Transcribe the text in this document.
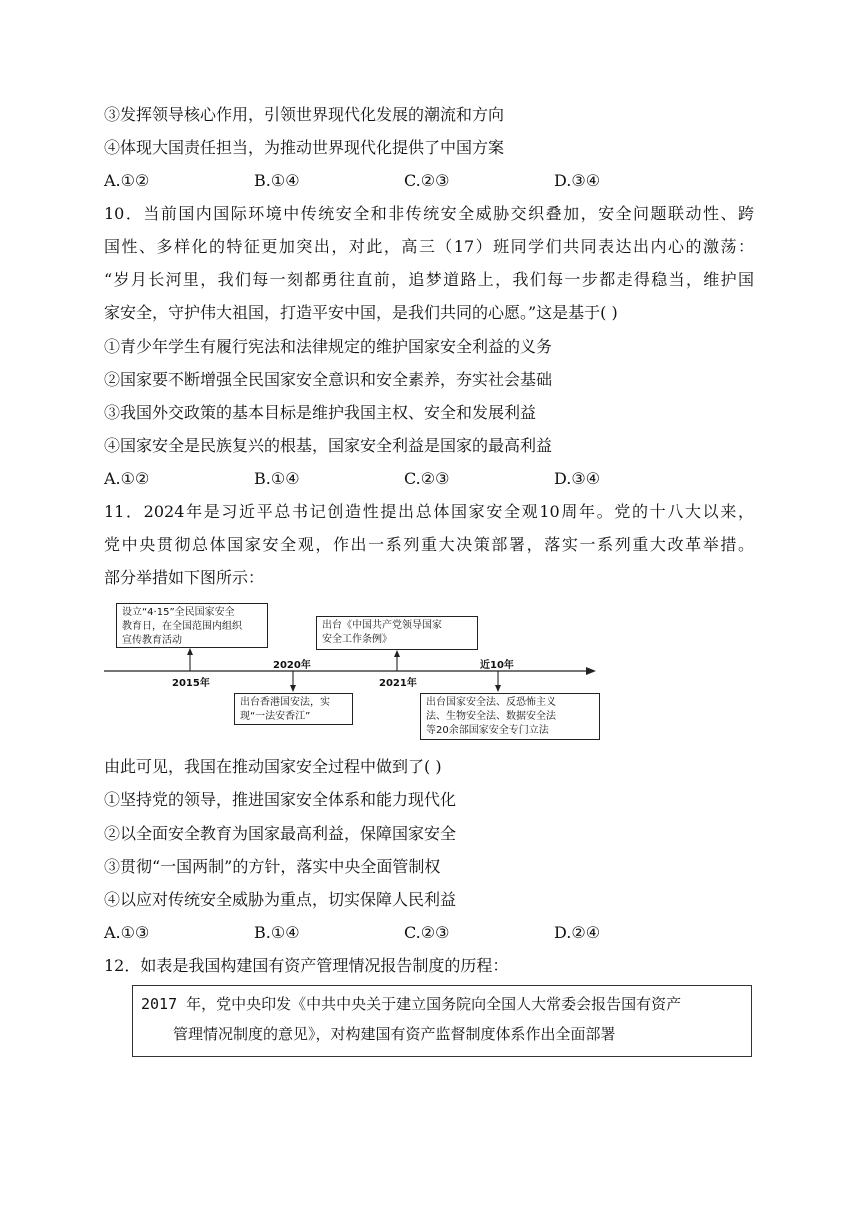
③发挥领导核心作用，引领世界现代化发展的潮流和方向
④体现大国责任担当，为推动世界现代化提供了中国方案
A.①②	B.①④	C.②③	D.③④
10．当前国内国际环境中传统安全和非传统安全威胁交织叠加，安全问题联动性、跨
国性、多样化的特征更加突出，对此，高三（17）班同学们共同表达出内心的激荡：
“岁月长河里，我们每一刻都勇往直前，追梦道路上，我们每一步都走得稳当，维护国
家安全，守护伟大祖国，打造平安中国，是我们共同的心愿。”这是基于( )
①青少年学生有履行宪法和法律规定的维护国家安全利益的义务
②国家要不断增强全民国家安全意识和安全素养，夯实社会基础
③我国外交政策的基本目标是维护我国主权、安全和发展利益
④国家安全是民族复兴的根基，国家安全利益是国家的最高利益
A.①②	B.①④	C.②③	D.③④
11．2024年是习近平总书记创造性提出总体国家安全观10周年。党的十八大以来，
党中央贯彻总体国家安全观，作出一系列重大决策部署，落实一系列重大改革举措。
部分举措如下图所示：
设立“4·15”全民国家安全
教育日，在全国范围内组织
宣传教育活动
2015年
2020年
出台香港国安法，实
现“一法安香江”
出台《中国共产党领导国家
安全工作条例》
2021年
近10年
出台国家安全法、反恐怖主义
法、生物安全法、数据安全法
等20余部国家安全专门立法
由此可见，我国在推动国家安全过程中做到了( )
①坚持党的领导，推进国家安全体系和能力现代化
②以全面安全教育为国家最高利益，保障国家安全
③贯彻“一国两制”的方针，落实中央全面管制权
④以应对传统安全威胁为重点，切实保障人民利益
A.①③	B.①④	C.②③	D.②④
12．如表是我国构建国有资产管理情况报告制度的历程：
2017 年，党中央印发《中共中央关于建立国务院向全国人大常委会报告国有资产
管理情况制度的意见》，对构建国有资产监督制度体系作出全面部署
